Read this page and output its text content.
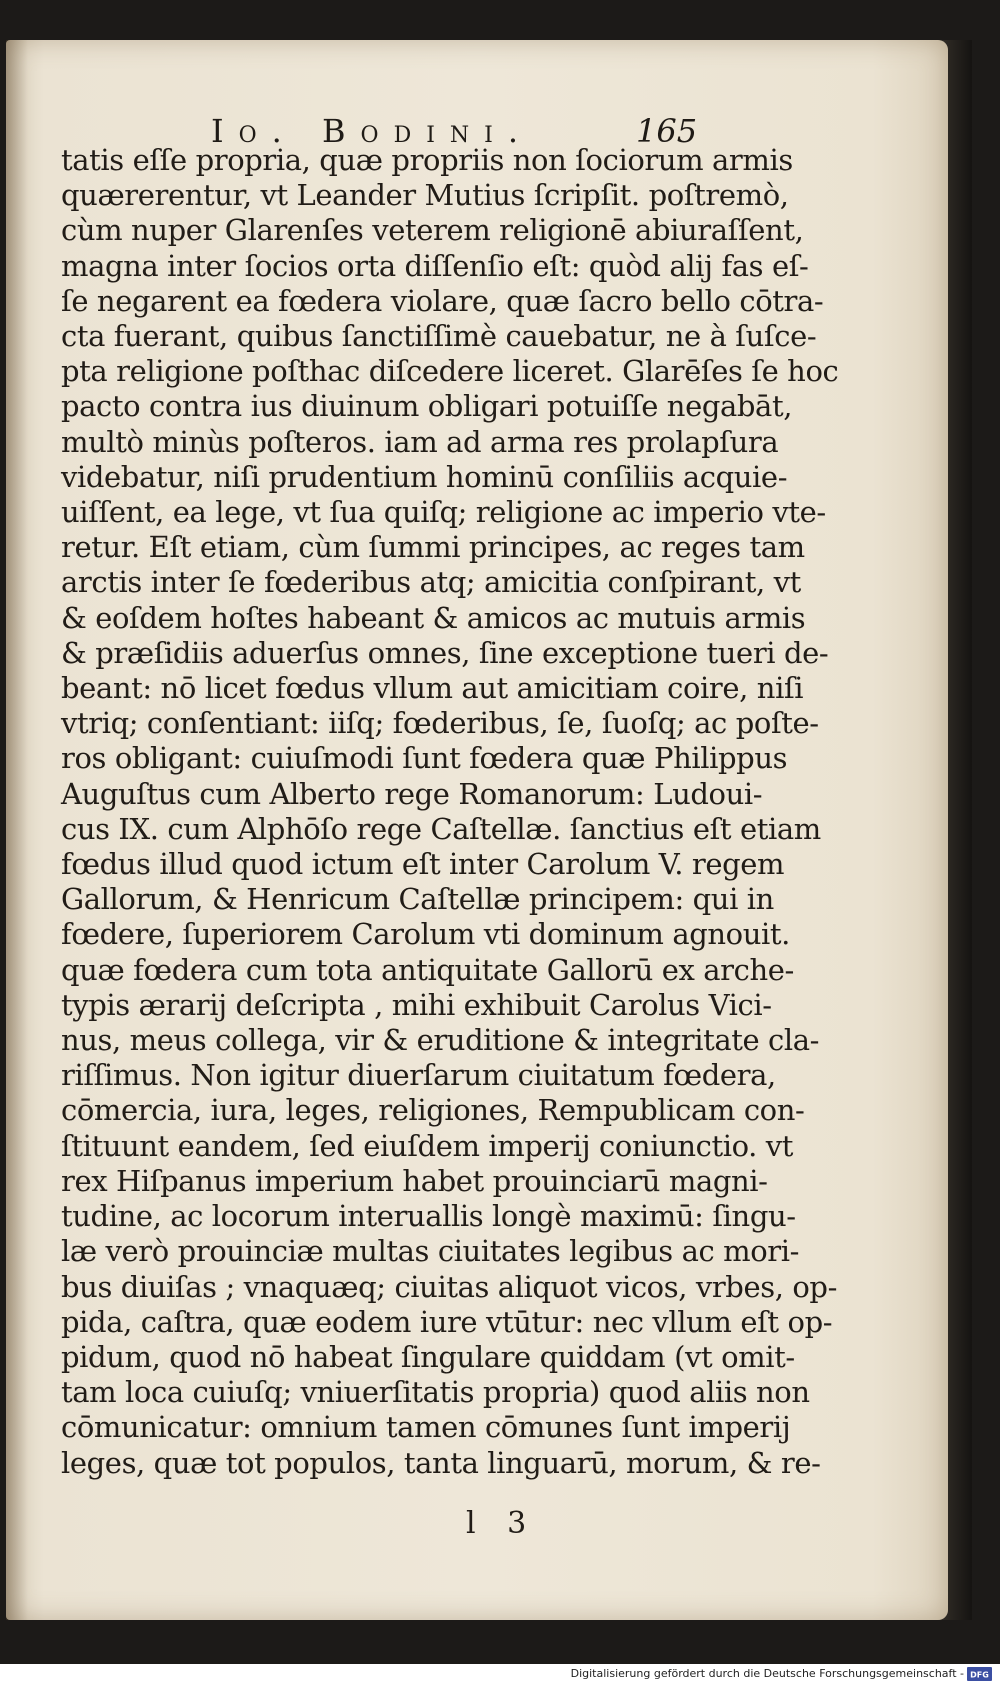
Io. Bodini.	165
tatis eſſe propria, quæ propriis non ſociorum armis
quærerentur, vt Leander Mutius ſcripſit. poſtremò,
cùm nuper Glarenſes veterem religionē abiuraſſent,
magna inter ſocios orta diſſenſio eſt: quòd alij fas eſ-
ſe negarent ea fœdera violare, quæ ſacro bello cōtra-
cta fuerant, quibus ſanctiſſimè cauebatur, ne à ſuſce-
pta religione poſthac diſcedere liceret. Glarēſes ſe hoc
pacto contra ius diuinum obligari potuiſſe negabāt,
multò minùs poſteros. iam ad arma res prolapſura
videbatur, niſi prudentium hominū conſiliis acquie-
uiſſent, ea lege, vt ſua quiſq; religione ac imperio vte-
retur. Eſt etiam, cùm ſummi principes, ac reges tam
arctis inter ſe fœderibus atq; amicitia conſpirant, vt
& eoſdem hoſtes habeant & amicos ac mutuis armis
& præſidiis aduerſus omnes, ſine exceptione tueri de-
beant: nō licet fœdus vllum aut amicitiam coire, niſi
vtriq; conſentiant: iiſq; fœderibus, ſe, ſuoſq; ac poſte-
ros obligant: cuiuſmodi ſunt fœdera quæ Philippus
Auguſtus cum Alberto rege Romanorum: Ludoui-
cus IX. cum Alphōſo rege Caſtellæ. ſanctius eſt etiam
fœdus illud quod ictum eſt inter Carolum V. regem
Gallorum, & Henricum Caſtellæ principem: qui in
fœdere, ſuperiorem Carolum vti dominum agnouit.
quæ fœdera cum tota antiquitate Gallorū ex arche-
typis ærarij deſcripta , mihi exhibuit Carolus Vici-
nus, meus collega, vir & eruditione & integritate cla-
riſſimus. Non igitur diuerſarum ciuitatum fœdera,
cōmercia, iura, leges, religiones, Rempublicam con-
ſtituunt eandem, ſed eiuſdem imperij coniunctio. vt
rex Hiſpanus imperium habet prouinciarū magni-
tudine, ac locorum interuallis longè maximū: ſingu-
læ verò prouinciæ multas ciuitates legibus ac mori-
bus diuiſas ; vnaquæq; ciuitas aliquot vicos, vrbes, op-
pida, caſtra, quæ eodem iure vtūtur: nec vllum eſt op-
pidum, quod nō habeat ſingulare quiddam (vt omit-
tam loca cuiuſq; vniuerſitatis propria) quod aliis non
cōmunicatur: omnium tamen cōmunes ſunt imperij
leges, quæ tot populos, tanta linguarū, morum, & re-
l 3
Digitalisierung gefördert durch die Deutsche Forschungsgemeinschaft - DFG
